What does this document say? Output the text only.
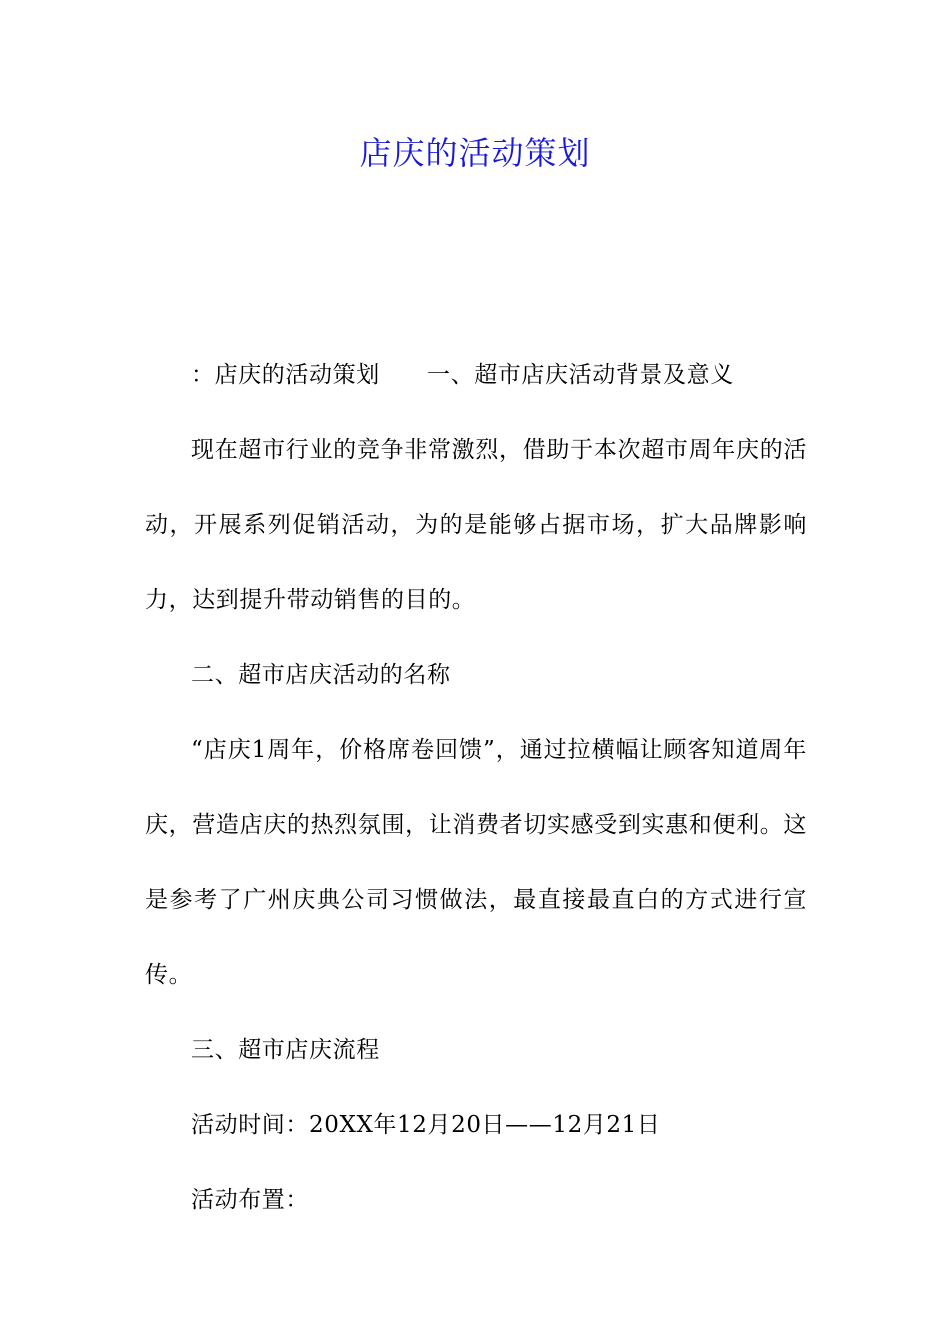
店庆的活动策划

：店庆的活动策划　　一、超市店庆活动背景及意义

现在超市行业的竞争非常激烈，借助于本次超市周年庆的活动，开展系列促销活动，为的是能够占据市场，扩大品牌影响力，达到提升带动销售的目的。

二、超市店庆活动的名称

“店庆1周年，价格席卷回馈”，通过拉横幅让顾客知道周年庆，营造店庆的热烈氛围，让消费者切实感受到实惠和便利。这是参考了广州庆典公司习惯做法，最直接最直白的方式进行宣传。

三、超市店庆流程

活动时间：20XX年12月20日——12月21日

活动布置：
